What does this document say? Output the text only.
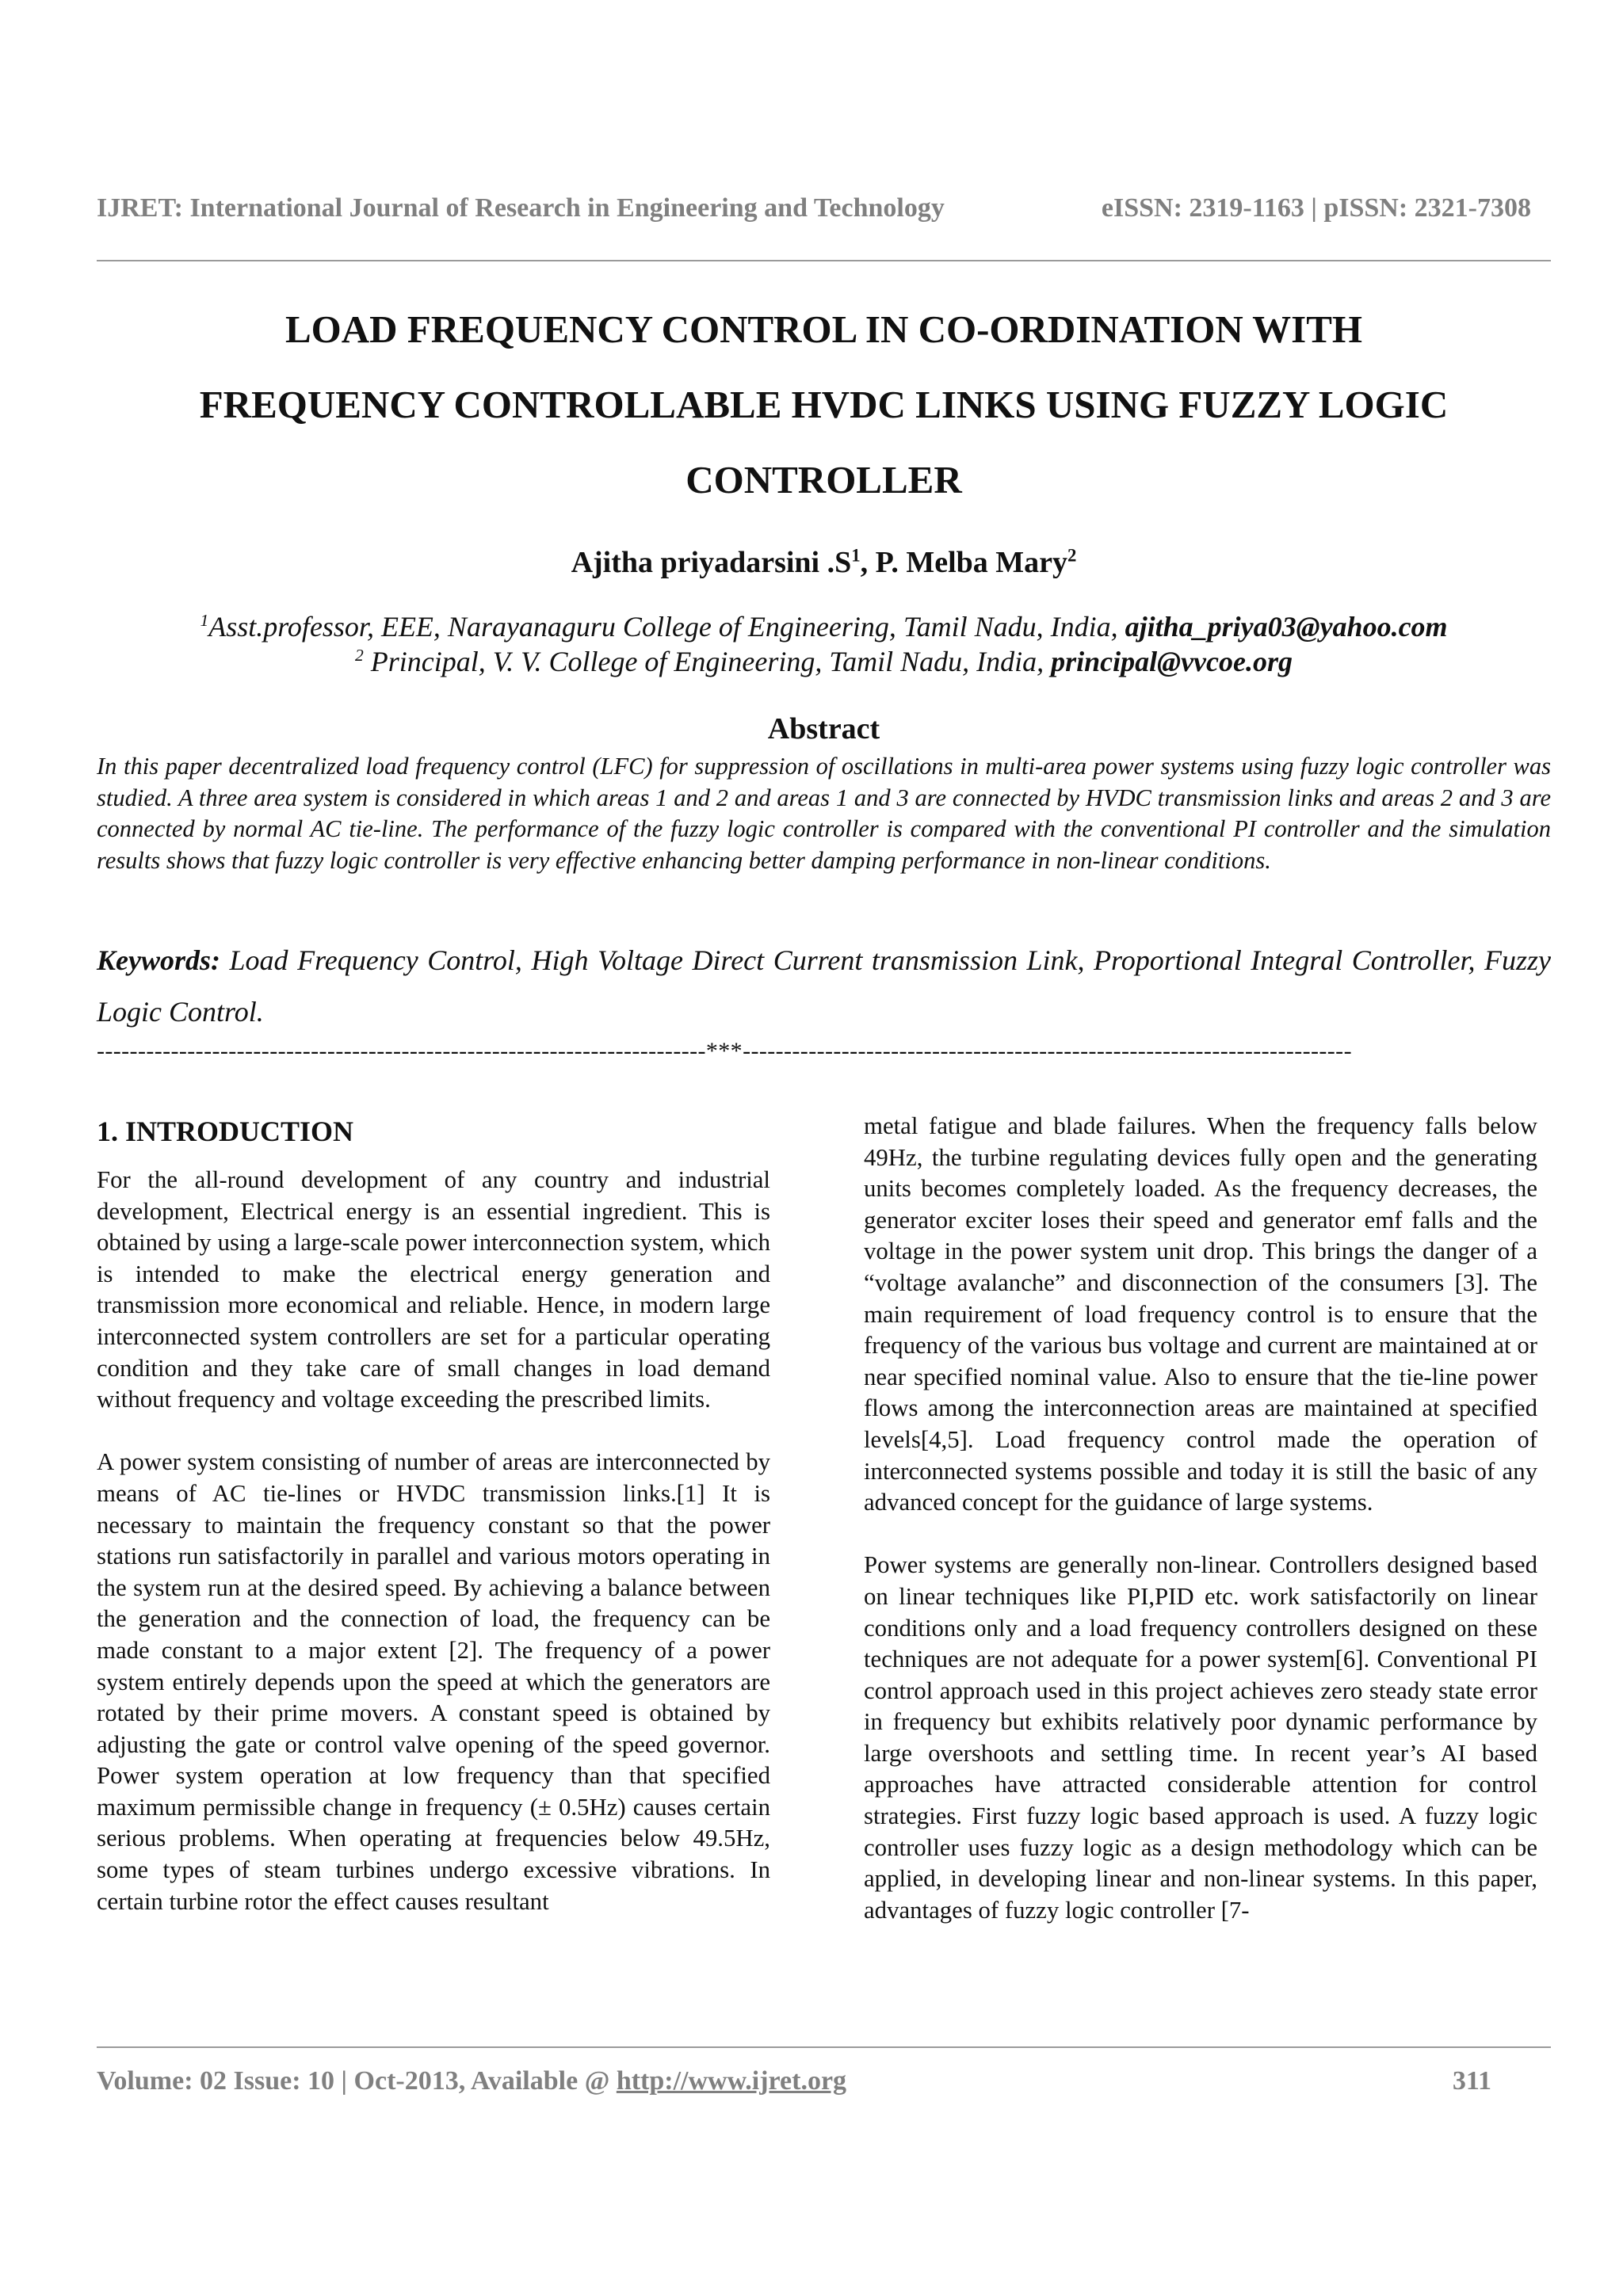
IJRET: International Journal of Research in Engineering and Technology	eISSN: 2319-1163 | pISSN: 2321-7308
LOAD FREQUENCY CONTROL IN CO-ORDINATION WITH
FREQUENCY CONTROLLABLE HVDC LINKS USING FUZZY LOGIC
CONTROLLER
Ajitha priyadarsini $.S^1$, P. Melba Mary$^2$
$^1$Asst.professor, EEE, Narayanaguru College of Engineering, Tamil Nadu, India, ajitha_priya03@yahoo.com
$^2$ Principal, V. V. College of Engineering, Tamil Nadu, India, principal@vvcoe.org
Abstract
In this paper decentralized load frequency control (LFC) for suppression of oscillations in multi-area power systems using fuzzy logic controller was studied. A three area system is considered in which areas 1 and 2 and areas 1 and 3 are connected by HVDC transmission links and areas 2 and 3 are connected by normal AC tie-line. The performance of the fuzzy logic controller is compared with the conventional PI controller and the simulation results shows that fuzzy logic controller is very effective enhancing better damping performance in non-linear conditions.
Keywords: Load Frequency Control, High Voltage Direct Current transmission Link, Proportional Integral Controller, Fuzzy Logic Control.
--------------------------------------------------------------------------***--------------------------------------------------------------------------

1. INTRODUCTION

For the all-round development of any country and industrial development, Electrical energy is an essential ingredient. This is obtained by using a large-scale power interconnection system, which is intended to make the electrical energy generation and transmission more economical and reliable. Hence, in modern large interconnected system controllers are set for a particular operating condition and they take care of small changes in load demand without frequency and voltage exceeding the prescribed limits.

A power system consisting of number of areas are interconnected by means of AC tie-lines or HVDC transmission links.[1] It is necessary to maintain the frequency constant so that the power stations run satisfactorily in parallel and various motors operating in the system run at the desired speed. By achieving a balance between the generation and the connection of load, the frequency can be made constant to a major extent [2]. The frequency of a power system entirely depends upon the speed at which the generators are rotated by their prime movers. A constant speed is obtained by adjusting the gate or control valve opening of the speed governor. Power system operation at low frequency than that specified maximum permissible change in frequency (± 0.5Hz) causes certain serious problems. When operating at frequencies below 49.5Hz, some types of steam turbines undergo excessive vibrations. In certain turbine rotor the effect causes resultant

metal fatigue and blade failures. When the frequency falls below 49Hz, the turbine regulating devices fully open and the generating units becomes completely loaded. As the frequency decreases, the generator exciter loses their speed and generator emf falls and the voltage in the power system unit drop. This brings the danger of a “voltage avalanche” and disconnection of the consumers [3]. The main requirement of load frequency control is to ensure that the frequency of the various bus voltage and current are maintained at or near specified nominal value. Also to ensure that the tie-line power flows among the interconnection areas are maintained at specified levels[4,5]. Load frequency control made the operation of interconnected systems possible and today it is still the basic of any advanced concept for the guidance of large systems.

Power systems are generally non-linear. Controllers designed based on linear techniques like PI,PID etc. work satisfactorily on linear conditions only and a load frequency controllers designed on these techniques are not adequate for a power system[6]. Conventional PI control approach used in this project achieves zero steady state error in frequency but exhibits relatively poor dynamic performance by large overshoots and settling time. In recent year’s AI based approaches have attracted considerable attention for control strategies. First fuzzy logic based approach is used. A fuzzy logic controller uses fuzzy logic as a design methodology which can be applied, in developing linear and non-linear systems. In this paper, advantages of fuzzy logic controller [7-

Volume: 02 Issue: 10 | Oct-2013, Available @ http://www.ijret.org	311
